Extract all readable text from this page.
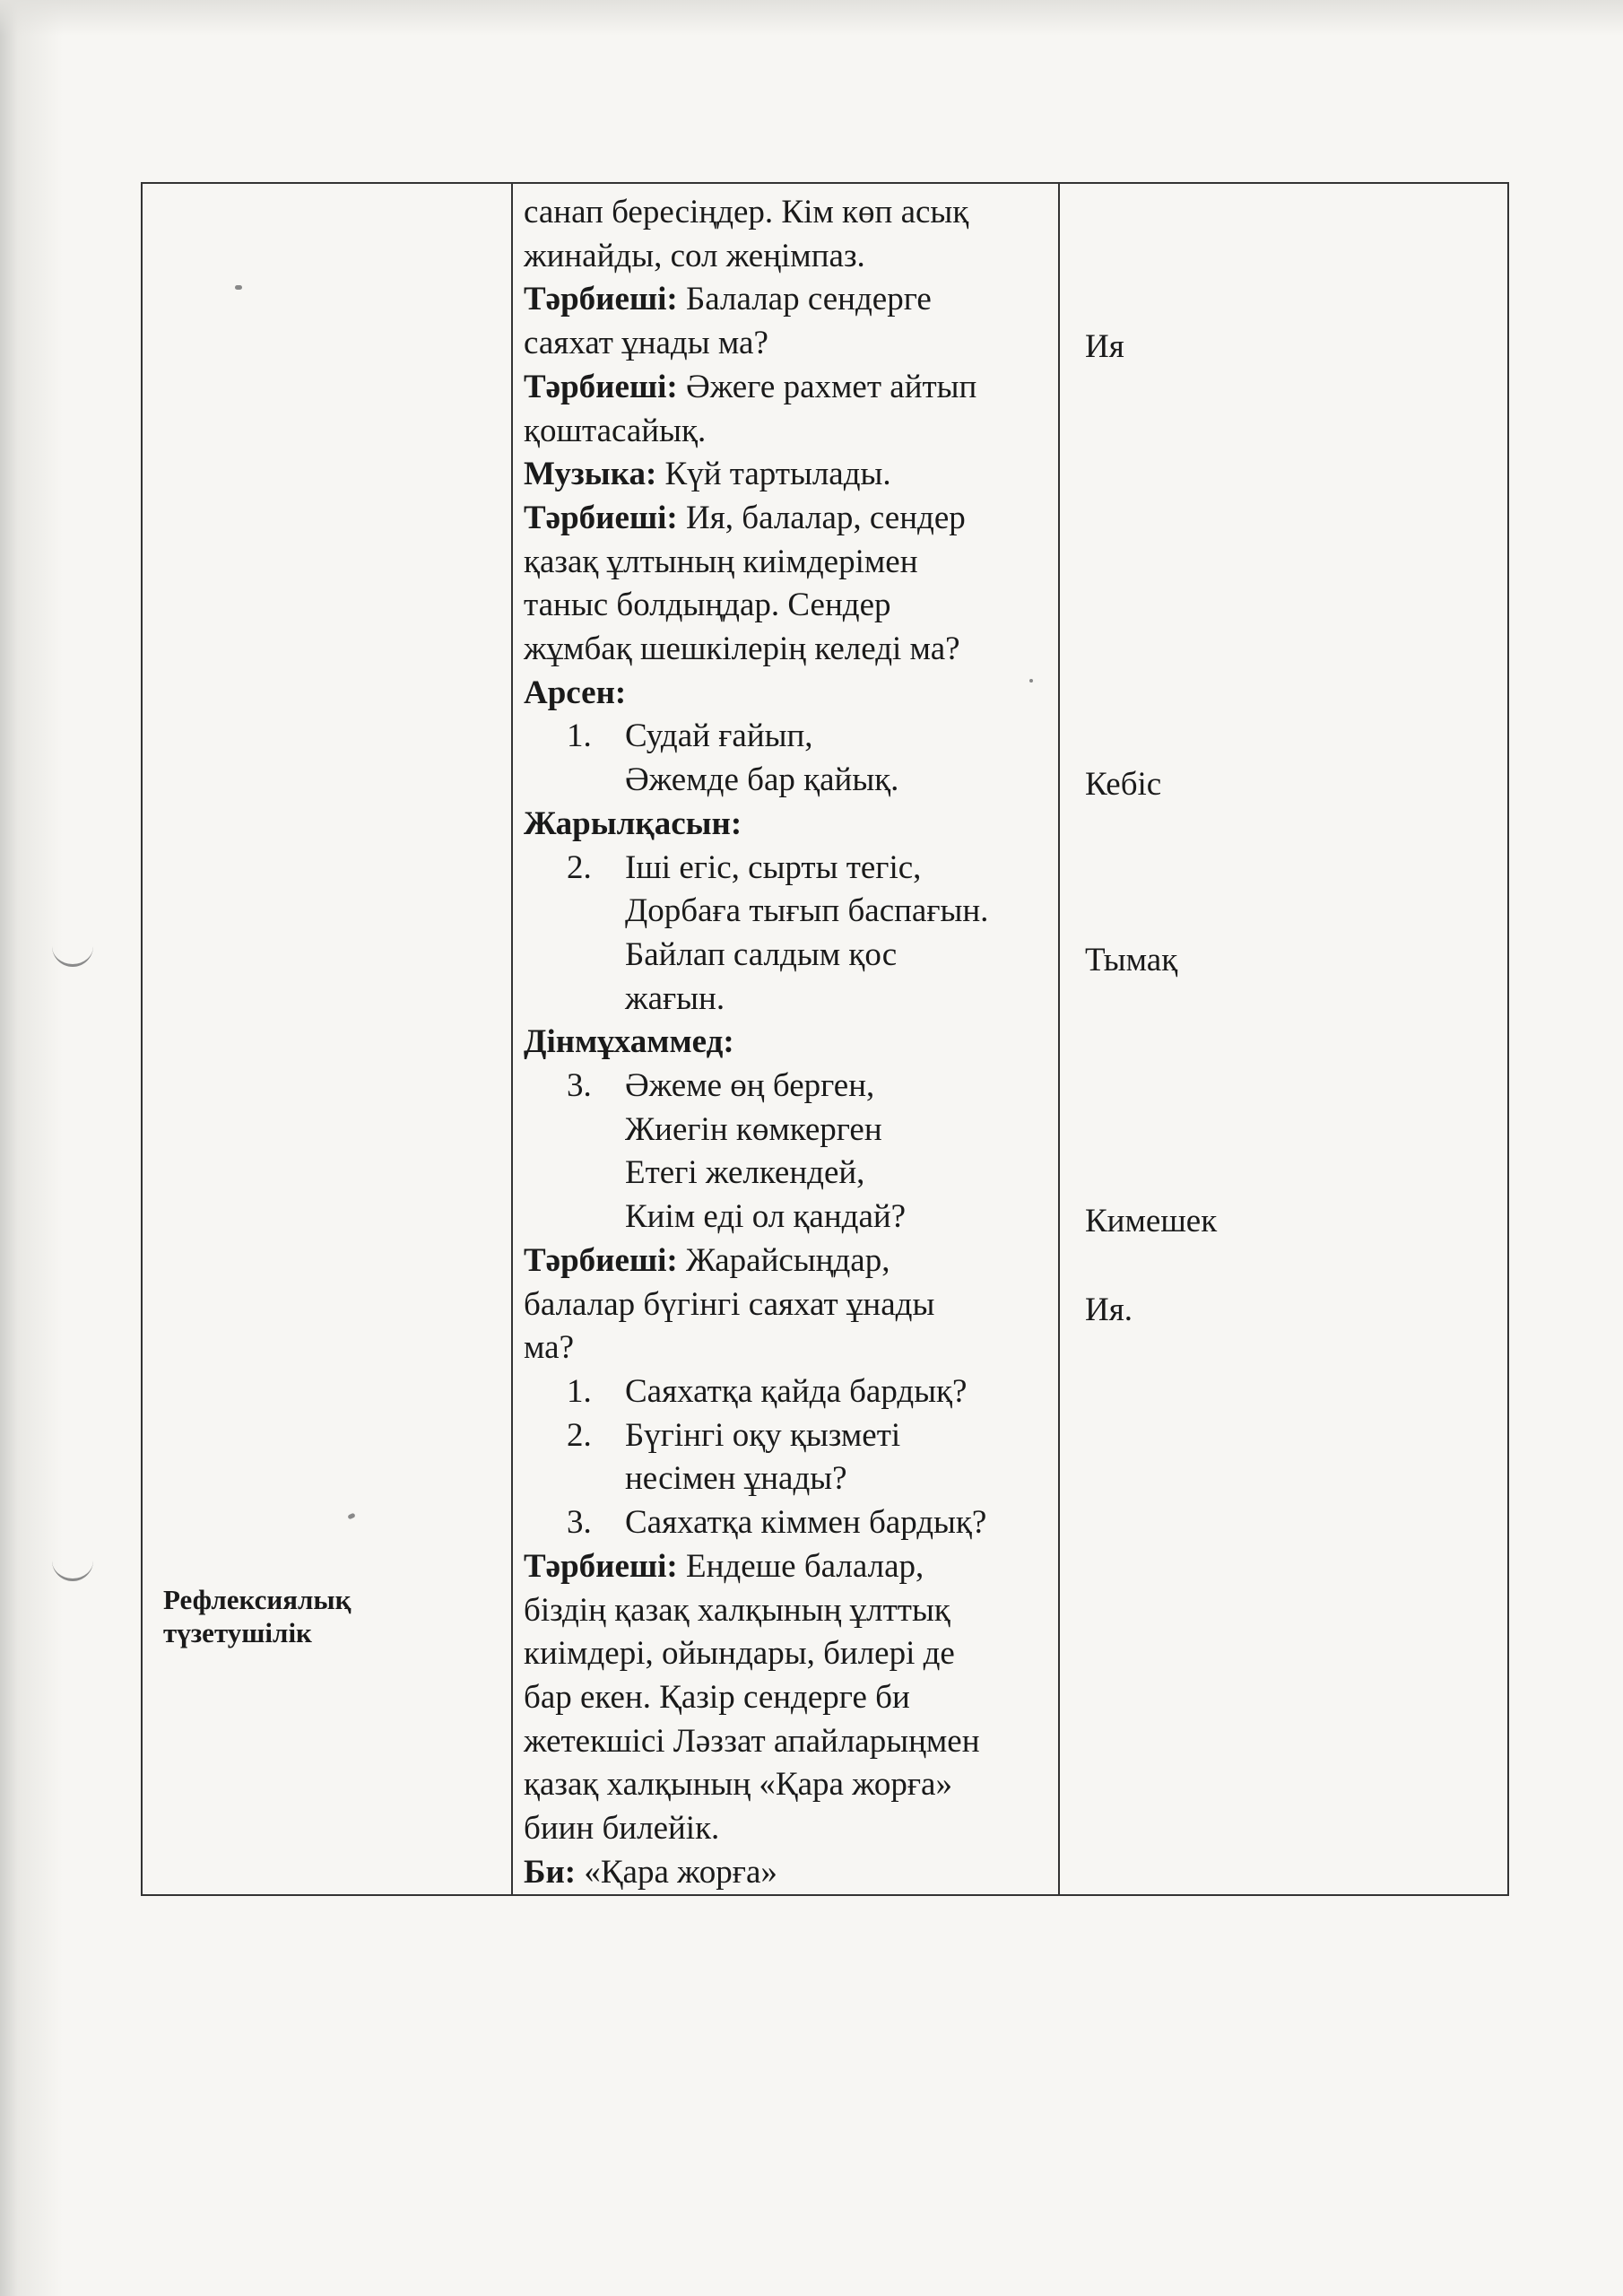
Рефлексиялық
түзетушілік
санап бересіңдер. Кім көп асық
жинайды, сол жеңімпаз.
Тәрбиеші: Балалар сендерге
саяхат ұнады ма?
Тәрбиеші: Әжеге рахмет айтып
қоштасайық.
Музыка: Күй тартылады.
Тәрбиеші: Ия, балалар, сендер
қазақ ұлтының киімдерімен
таныс болдыңдар. Сендер
жұмбақ шешкілерің келеді ма?
Арсен:
1. Судай ғайып,
Әжемде бар қайық.
Жарылқасын:
2. Іші егіс, сырты тегіс,
Дорбаға тығып баспағын.
Байлап салдым қос
жағын.
Дінмұхаммед:
3. Әжеме өң берген,
Жиегін көмкерген
Етегі желкендей,
Киім еді ол қандай?
Тәрбиеші: Жарайсыңдар,
балалар бүгінгі саяхат ұнады
ма?
1. Саяхатқа қайда бардық?
2. Бүгінгі оқу қызметі
несімен ұнады?
3. Саяхатқа кіммен бардық?
Тәрбиеші: Ендеше балалар,
біздің қазақ халқының ұлттық
киімдері, ойындары, билері де
бар екен. Қазір сендерге би
жетекшісі Ләззат апайларыңмен
қазақ халқының «Қара жорға»
биин билейік.
Би: «Қара жорға»
Ия
Кебіс
Тымақ
Кимешек
Ия.
